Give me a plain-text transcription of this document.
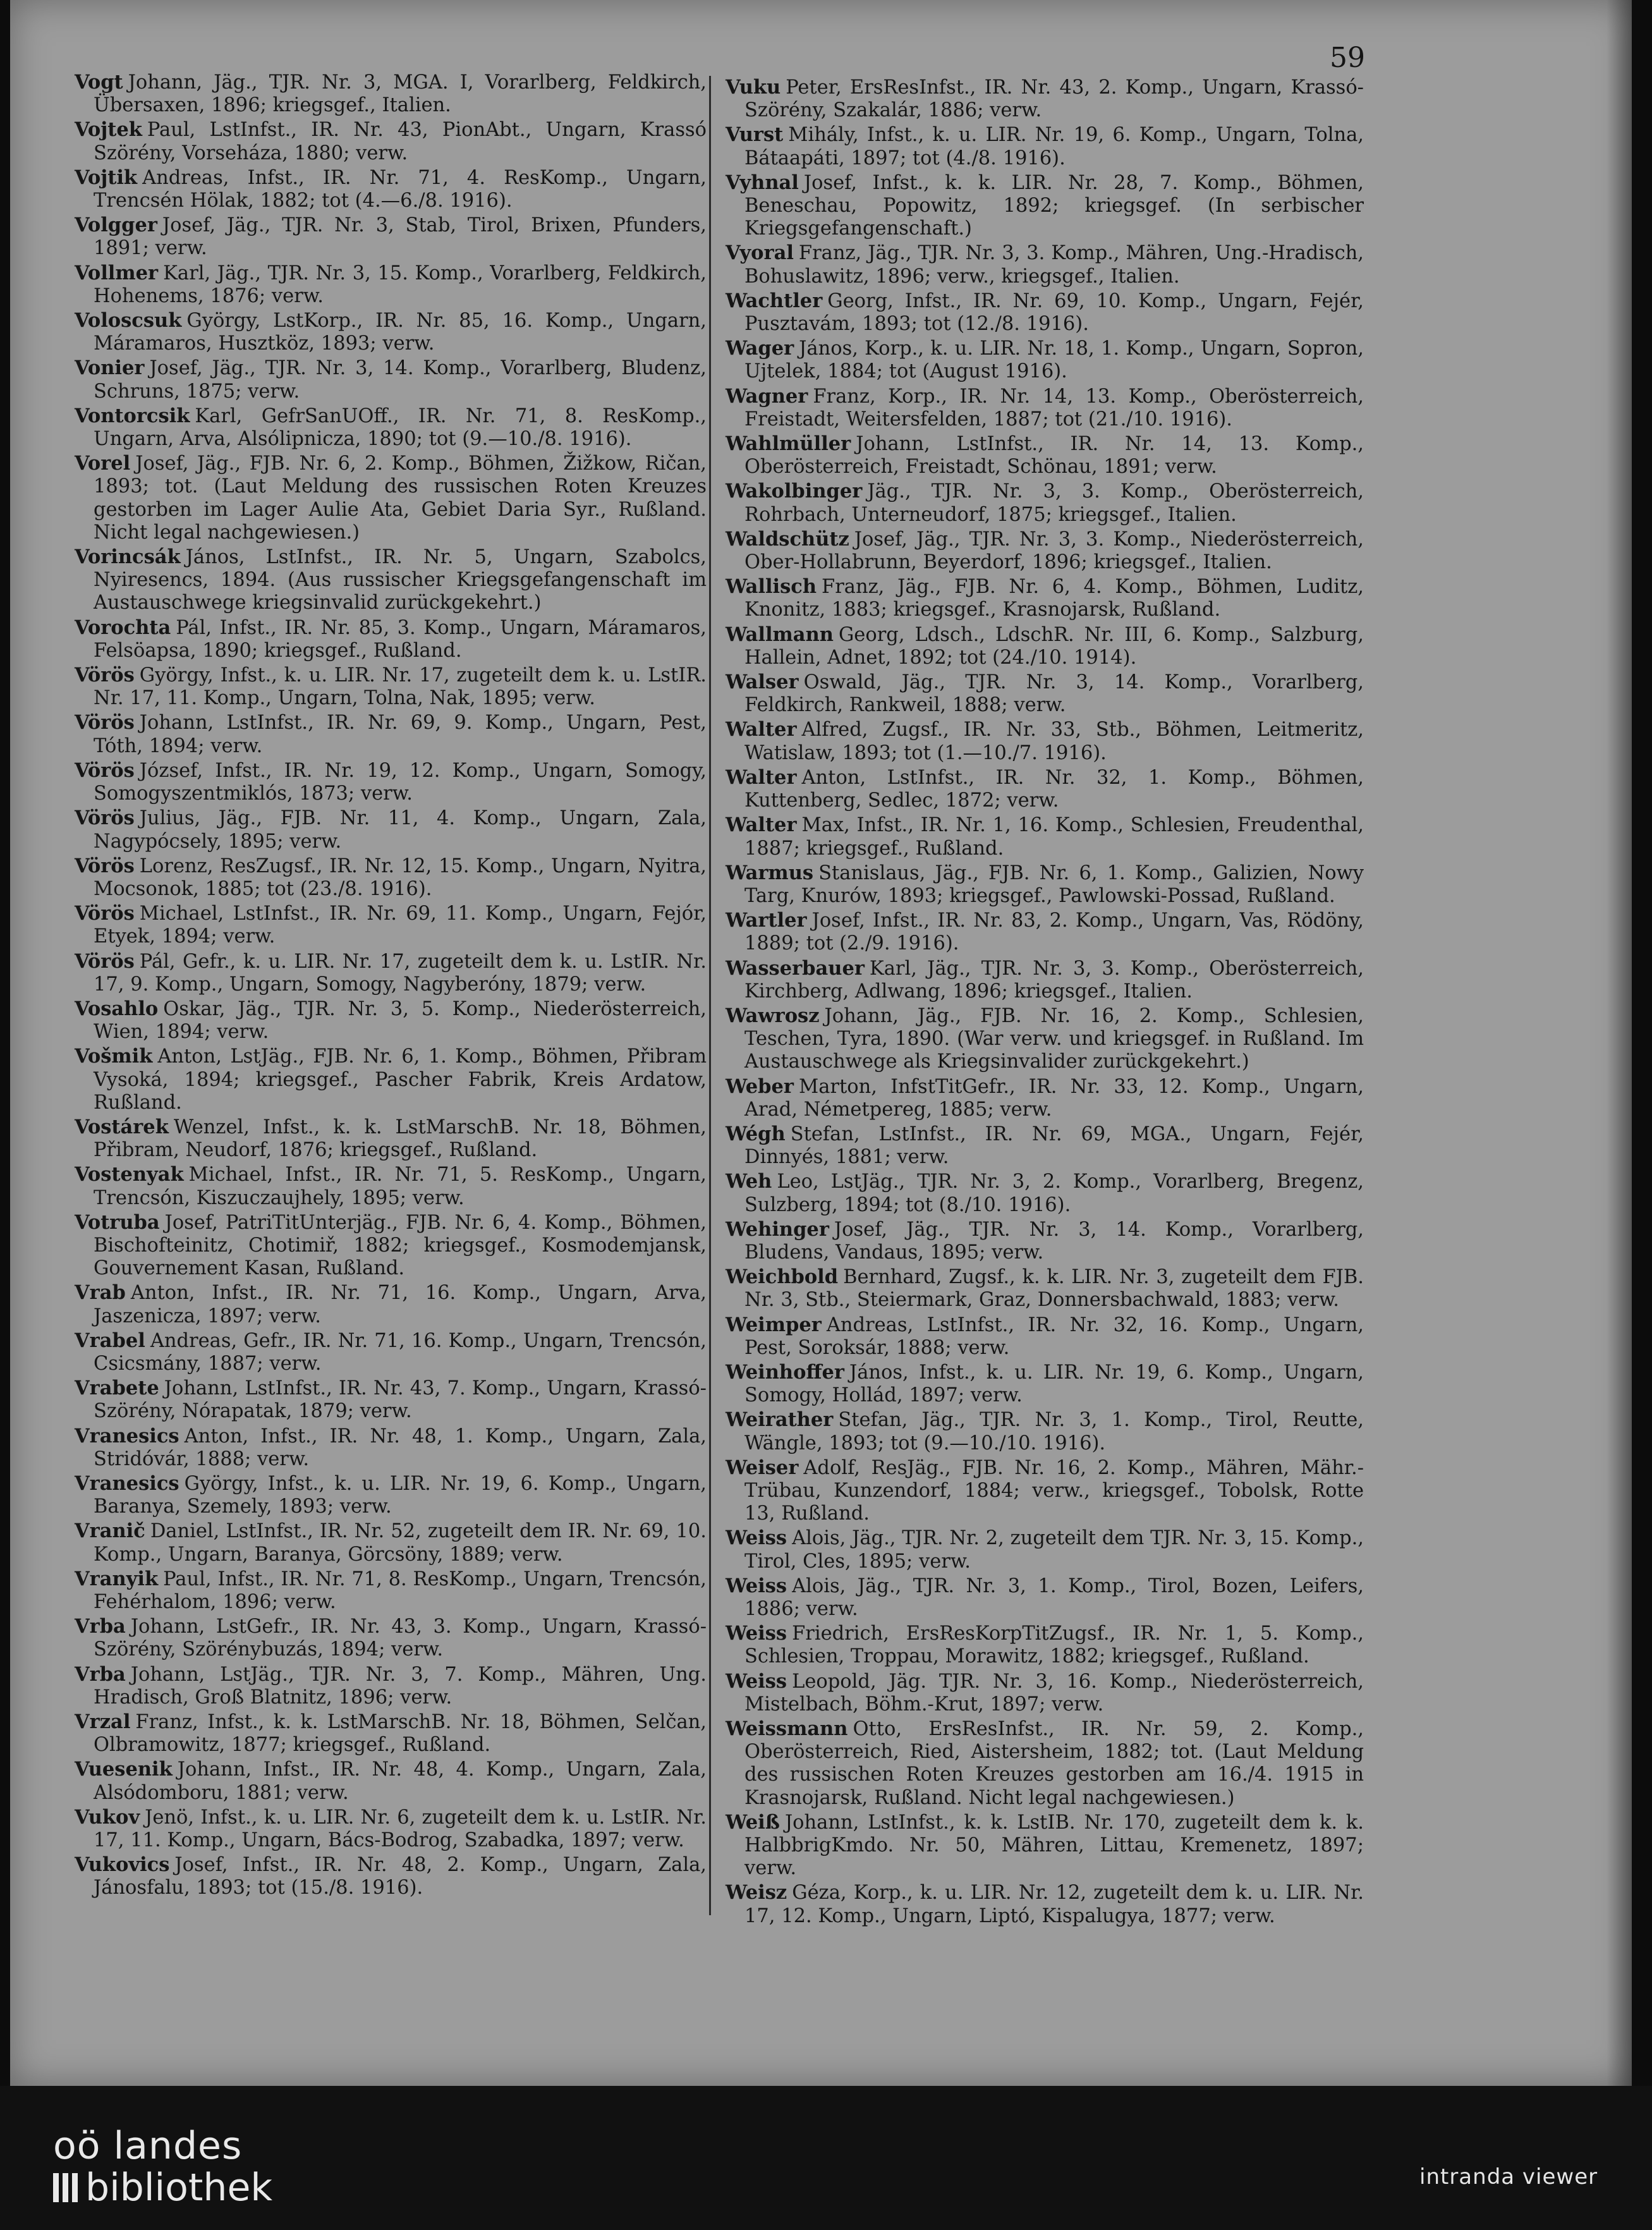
59

Vogt Johann, Jäg., TJR. Nr. 3, MGA. I, Vorarlberg, Feldkirch, Übersaxen, 1896; kriegsgef., Italien.

Vojtek Paul, LstInfst., IR. Nr. 43, PionAbt., Ungarn, Krassó Szörény, Vorseháza, 1880; verw.

Vojtik Andreas, Infst., IR. Nr. 71, 4. ResKomp., Ungarn, Trencsén Hölak, 1882; tot (4.—6./8. 1916).

Volgger Josef, Jäg., TJR. Nr. 3, Stab, Tirol, Brixen, Pfunders, 1891; verw.

Vollmer Karl, Jäg., TJR. Nr. 3, 15. Komp., Vorarlberg, Feldkirch, Hohenems, 1876; verw.

Voloscsuk György, LstKorp., IR. Nr. 85, 16. Komp., Ungarn, Máramaros, Husztköz, 1893; verw.

Vonier Josef, Jäg., TJR. Nr. 3, 14. Komp., Vorarlberg, Bludenz, Schruns, 1875; verw.

Vontorcsik Karl, GefrSanUOff., IR. Nr. 71, 8. ResKomp., Ungarn, Arva, Alsólipnicza, 1890; tot (9.—10./8. 1916).

Vorel Josef, Jäg., FJB. Nr. 6, 2. Komp., Böhmen, Žižkow, Ričan, 1893; tot. (Laut Meldung des russischen Roten Kreuzes gestorben im Lager Aulie Ata, Gebiet Daria Syr., Rußland. Nicht legal nachgewiesen.)

Vorincsák János, LstInfst., IR. Nr. 5, Ungarn, Szabolcs, Nyiresencs, 1894. (Aus russischer Kriegsgefangenschaft im Austauschwege kriegsinvalid zurückgekehrt.)

Vorochta Pál, Infst., IR. Nr. 85, 3. Komp., Ungarn, Máramaros, Felsöapsa, 1890; kriegsgef., Rußland.

Vörös György, Infst., k. u. LIR. Nr. 17, zugeteilt dem k. u. LstIR. Nr. 17, 11. Komp., Ungarn, Tolna, Nak, 1895; verw.

Vörös Johann, LstInfst., IR. Nr. 69, 9. Komp., Ungarn, Pest, Tóth, 1894; verw.

Vörös József, Infst., IR. Nr. 19, 12. Komp., Ungarn, Somogy, Somogyszentmiklós, 1873; verw.

Vörös Julius, Jäg., FJB. Nr. 11, 4. Komp., Ungarn, Zala, Nagypócsely, 1895; verw.

Vörös Lorenz, ResZugsf., IR. Nr. 12, 15. Komp., Ungarn, Nyitra, Mocsonok, 1885; tot (23./8. 1916).

Vörös Michael, LstInfst., IR. Nr. 69, 11. Komp., Ungarn, Fejór, Etyek, 1894; verw.

Vörös Pál, Gefr., k. u. LIR. Nr. 17, zugeteilt dem k. u. LstIR. Nr. 17, 9. Komp., Ungarn, Somogy, Nagyberóny, 1879; verw.

Vosahlo Oskar, Jäg., TJR. Nr. 3, 5. Komp., Niederösterreich, Wien, 1894; verw.

Vošmik Anton, LstJäg., FJB. Nr. 6, 1. Komp., Böhmen, Přibram Vysoká, 1894; kriegsgef., Pascher Fabrik, Kreis Ardatow, Rußland.

Vostárek Wenzel, Infst., k. k. LstMarschB. Nr. 18, Böhmen, Přibram, Neudorf, 1876; kriegsgef., Rußland.

Vostenyak Michael, Infst., IR. Nr. 71, 5. ResKomp., Ungarn, Trencsón, Kiszuczaujhely, 1895; verw.

Votruba Josef, PatriTitUnterjäg., FJB. Nr. 6, 4. Komp., Böhmen, Bischofteinitz, Chotimiř, 1882; kriegsgef., Kosmodemjansk, Gouvernement Kasan, Rußland.

Vrab Anton, Infst., IR. Nr. 71, 16. Komp., Ungarn, Arva, Jaszenicza, 1897; verw.

Vrabel Andreas, Gefr., IR. Nr. 71, 16. Komp., Ungarn, Trencsón, Csicsmány, 1887; verw.

Vrabete Johann, LstInfst., IR. Nr. 43, 7. Komp., Ungarn, Krassó-Szörény, Nórapatak, 1879; verw.

Vranesics Anton, Infst., IR. Nr. 48, 1. Komp., Ungarn, Zala, Stridóvár, 1888; verw.

Vranesics György, Infst., k. u. LIR. Nr. 19, 6. Komp., Ungarn, Baranya, Szemely, 1893; verw.

Vranič Daniel, LstInfst., IR. Nr. 52, zugeteilt dem IR. Nr. 69, 10. Komp., Ungarn, Baranya, Görcsöny, 1889; verw.

Vranyik Paul, Infst., IR. Nr. 71, 8. ResKomp., Ungarn, Trencsón, Fehérhalom, 1896; verw.

Vrba Johann, LstGefr., IR. Nr. 43, 3. Komp., Ungarn, Krassó-Szörény, Szörénybuzás, 1894; verw.

Vrba Johann, LstJäg., TJR. Nr. 3, 7. Komp., Mähren, Ung. Hradisch, Groß Blatnitz, 1896; verw.

Vrzal Franz, Infst., k. k. LstMarschB. Nr. 18, Böhmen, Selčan, Olbramowitz, 1877; kriegsgef., Rußland.

Vuesenik Johann, Infst., IR. Nr. 48, 4. Komp., Ungarn, Zala, Alsódomboru, 1881; verw.

Vukov Jenö, Infst., k. u. LIR. Nr. 6, zugeteilt dem k. u. LstIR. Nr. 17, 11. Komp., Ungarn, Bács-Bodrog, Szabadka, 1897; verw.

Vukovics Josef, Infst., IR. Nr. 48, 2. Komp., Ungarn, Zala, Jánosfalu, 1893; tot (15./8. 1916).

Vuku Peter, ErsResInfst., IR. Nr. 43, 2. Komp., Ungarn, Krassó-Szörény, Szakalár, 1886; verw.

Vurst Mihály, Infst., k. u. LIR. Nr. 19, 6. Komp., Ungarn, Tolna, Bátaapáti, 1897; tot (4./8. 1916).

Vyhnal Josef, Infst., k. k. LIR. Nr. 28, 7. Komp., Böhmen, Beneschau, Popowitz, 1892; kriegsgef. (In serbischer Kriegsgefangenschaft.)

Vyoral Franz, Jäg., TJR. Nr. 3, 3. Komp., Mähren, Ung.-Hradisch, Bohuslawitz, 1896; verw., kriegsgef., Italien.

Wachtler Georg, Infst., IR. Nr. 69, 10. Komp., Ungarn, Fejér, Pusztavám, 1893; tot (12./8. 1916).

Wager János, Korp., k. u. LIR. Nr. 18, 1. Komp., Ungarn, Sopron, Ujtelek, 1884; tot (August 1916).

Wagner Franz, Korp., IR. Nr. 14, 13. Komp., Oberösterreich, Freistadt, Weitersfelden, 1887; tot (21./10. 1916).

Wahlmüller Johann, LstInfst., IR. Nr. 14, 13. Komp., Oberösterreich, Freistadt, Schönau, 1891; verw.

Wakolbinger Jäg., TJR. Nr. 3, 3. Komp., Oberösterreich, Rohrbach, Unterneudorf, 1875; kriegsgef., Italien.

Waldschütz Josef, Jäg., TJR. Nr. 3, 3. Komp., Niederösterreich, Ober-Hollabrunn, Beyerdorf, 1896; kriegsgef., Italien.

Wallisch Franz, Jäg., FJB. Nr. 6, 4. Komp., Böhmen, Luditz, Knonitz, 1883; kriegsgef., Krasnojarsk, Rußland.

Wallmann Georg, Ldsch., LdschR. Nr. III, 6. Komp., Salzburg, Hallein, Adnet, 1892; tot (24./10. 1914).

Walser Oswald, Jäg., TJR. Nr. 3, 14. Komp., Vorarlberg, Feldkirch, Rankweil, 1888; verw.

Walter Alfred, Zugsf., IR. Nr. 33, Stb., Böhmen, Leitmeritz, Watislaw, 1893; tot (1.—10./7. 1916).

Walter Anton, LstInfst., IR. Nr. 32, 1. Komp., Böhmen, Kuttenberg, Sedlec, 1872; verw.

Walter Max, Infst., IR. Nr. 1, 16. Komp., Schlesien, Freudenthal, 1887; kriegsgef., Rußland.

Warmus Stanislaus, Jäg., FJB. Nr. 6, 1. Komp., Galizien, Nowy Targ, Knurów, 1893; kriegsgef., Pawlowski-Possad, Rußland.

Wartler Josef, Infst., IR. Nr. 83, 2. Komp., Ungarn, Vas, Rödöny, 1889; tot (2./9. 1916).

Wasserbauer Karl, Jäg., TJR. Nr. 3, 3. Komp., Oberösterreich, Kirchberg, Adlwang, 1896; kriegsgef., Italien.

Wawrosz Johann, Jäg., FJB. Nr. 16, 2. Komp., Schlesien, Teschen, Tyra, 1890. (War verw. und kriegsgef. in Rußland. Im Austauschwege als Kriegsinvalider zurückgekehrt.)

Weber Marton, InfstTitGefr., IR. Nr. 33, 12. Komp., Ungarn, Arad, Németpereg, 1885; verw.

Wégh Stefan, LstInfst., IR. Nr. 69, MGA., Ungarn, Fejér, Dinnyés, 1881; verw.

Weh Leo, LstJäg., TJR. Nr. 3, 2. Komp., Vorarlberg, Bregenz, Sulzberg, 1894; tot (8./10. 1916).

Wehinger Josef, Jäg., TJR. Nr. 3, 14. Komp., Vorarlberg, Bludens, Vandaus, 1895; verw.

Weichbold Bernhard, Zugsf., k. k. LIR. Nr. 3, zugeteilt dem FJB. Nr. 3, Stb., Steiermark, Graz, Donnersbachwald, 1883; verw.

Weimper Andreas, LstInfst., IR. Nr. 32, 16. Komp., Ungarn, Pest, Soroksár, 1888; verw.

Weinhoffer János, Infst., k. u. LIR. Nr. 19, 6. Komp., Ungarn, Somogy, Hollád, 1897; verw.

Weirather Stefan, Jäg., TJR. Nr. 3, 1. Komp., Tirol, Reutte, Wängle, 1893; tot (9.—10./10. 1916).

Weiser Adolf, ResJäg., FJB. Nr. 16, 2. Komp., Mähren, Mähr.-Trübau, Kunzendorf, 1884; verw., kriegsgef., Tobolsk, Rotte 13, Rußland.

Weiss Alois, Jäg., TJR. Nr. 2, zugeteilt dem TJR. Nr. 3, 15. Komp., Tirol, Cles, 1895; verw.

Weiss Alois, Jäg., TJR. Nr. 3, 1. Komp., Tirol, Bozen, Leifers, 1886; verw.

Weiss Friedrich, ErsResKorpTitZugsf., IR. Nr. 1, 5. Komp., Schlesien, Troppau, Morawitz, 1882; kriegsgef., Rußland.

Weiss Leopold, Jäg. TJR. Nr. 3, 16. Komp., Niederösterreich, Mistelbach, Böhm.-Krut, 1897; verw.

Weissmann Otto, ErsResInfst., IR. Nr. 59, 2. Komp., Oberösterreich, Ried, Aistersheim, 1882; tot. (Laut Meldung des russischen Roten Kreuzes gestorben am 16./4. 1915 in Krasnojarsk, Rußland. Nicht legal nachgewiesen.)

Weiß Johann, LstInfst., k. k. LstIB. Nr. 170, zugeteilt dem k. k. HalbbrigKmdo. Nr. 50, Mähren, Littau, Kremenetz, 1897; verw.

Weisz Géza, Korp., k. u. LIR. Nr. 12, zugeteilt dem k. u. LIR. Nr. 17, 12. Komp., Ungarn, Liptó, Kispalugya, 1877; verw.

oö landes
bibliothek	intranda viewer
